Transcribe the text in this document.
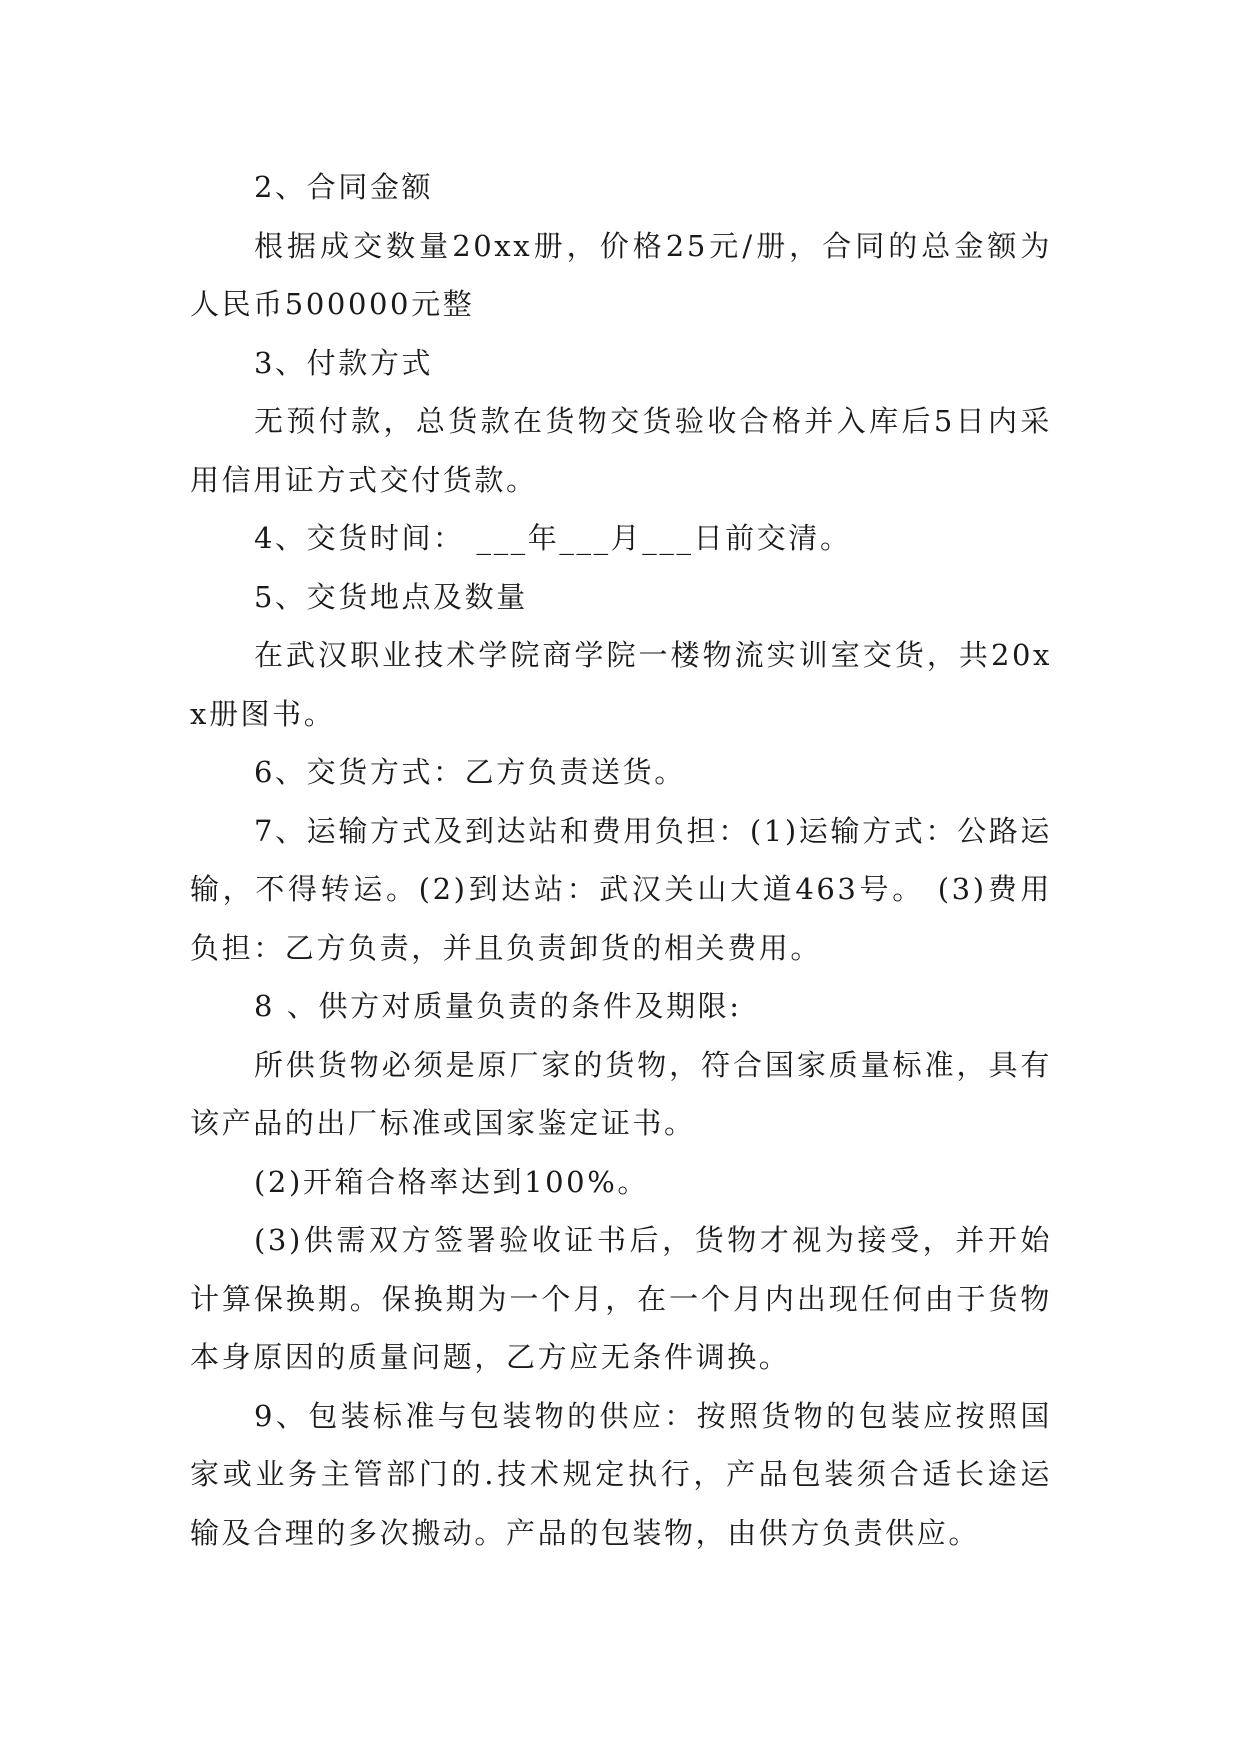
2、合同金额

根据成交数量20xx册，价格25元/册，合同的总金额为人民币500000元整

3、付款方式

无预付款，总货款在货物交货验收合格并入库后5日内采用信用证方式交付货款。

4、交货时间： ___年___月___日前交清。

5、交货地点及数量

在武汉职业技术学院商学院一楼物流实训室交货，共20xx册图书。

6、交货方式：乙方负责送货。

7、运输方式及到达站和费用负担：(1)运输方式：公路运输，不得转运。(2)到达站：武汉关山大道463号。 (3)费用负担：乙方负责，并且负责卸货的相关费用。

8 、供方对质量负责的条件及期限:

所供货物必须是原厂家的货物，符合国家质量标准，具有该产品的出厂标准或国家鉴定证书。

(2)开箱合格率达到100%。

(3)供需双方签署验收证书后，货物才视为接受，并开始计算保换期。保换期为一个月，在一个月内出现任何由于货物本身原因的质量问题，乙方应无条件调换。

9、包装标准与包装物的供应：按照货物的包装应按照国家或业务主管部门的.技术规定执行，产品包装须合适长途运输及合理的多次搬动。产品的包装物，由供方负责供应。
